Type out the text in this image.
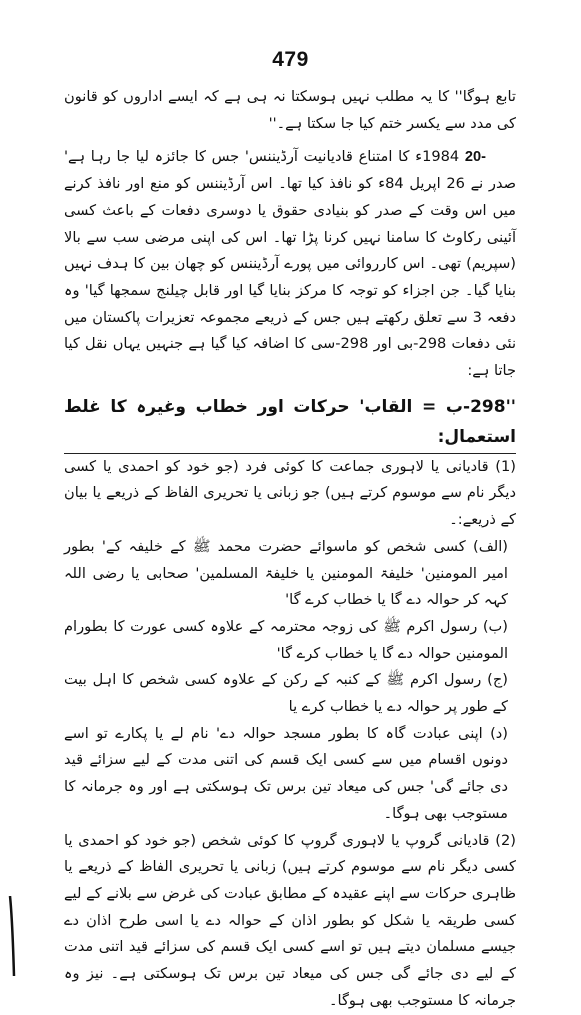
479

تابع ہوگا'' کا یہ مطلب نہیں ہوسکتا نہ ہی ہے کہ ایسے اداروں کو قانون کی مدد سے یکسر ختم کیا جا سکتا ہے۔''

-20 1984ء کا امتناع قادیانیت آرڈیننس' جس کا جائزہ لیا جا رہا ہے' صدر نے 26 اپریل 84ء کو نافذ کیا تھا۔ اس آرڈیننس کو منع اور نافذ کرنے میں اس وقت کے صدر کو بنیادی حقوق یا دوسری دفعات کے باعث کسی آئینی رکاوٹ کا سامنا نہیں کرنا پڑا تھا۔ اس کی اپنی مرضی سب سے بالا (سپریم) تھی۔ اس کارروائی میں پورے آرڈیننس کو چھان بین کا ہدف نہیں بنایا گیا۔ جن اجزاء کو توجہ کا مرکز بنایا گیا اور قابل چیلنج سمجھا گیا' وہ دفعہ 3 سے تعلق رکھتے ہیں جس کے ذریعے مجموعہ تعزیرات پاکستان میں نئی دفعات 298-بی اور 298-سی کا اضافہ کیا گیا ہے جنہیں یہاں نقل کیا جاتا ہے:

''298-ب = القاب' حرکات اور خطاب وغیرہ کا غلط استعمال:

(1) قادیانی یا لاہوری جماعت کا کوئی فرد (جو خود کو احمدی یا کسی دیگر نام سے موسوم کرتے ہیں) جو زبانی یا تحریری الفاظ کے ذریعے یا بیان کے ذریعے:۔

(الف) کسی شخص کو ماسوائے حضرت محمد ﷺ کے خلیفہ کے' بطور امیر المومنین' خلیفۃ المومنین یا خلیفۃ المسلمین' صحابی یا رضی اللہ کہہ کر حوالہ دے گا یا خطاب کرے گا'

(ب) رسول اکرم ﷺ کی زوجہ محترمہ کے علاوہ کسی عورت کا بطورام المومنین حوالہ دے گا یا خطاب کرے گا'

(ج) رسول اکرم ﷺ کے کنبہ کے رکن کے علاوہ کسی شخص کا اہل بیت کے طور پر حوالہ دے یا خطاب کرے یا

(د) اپنی عبادت گاہ کا بطور مسجد حوالہ دے' نام لے یا پکارے تو اسے دونوں اقسام میں سے کسی ایک قسم کی اتنی مدت کے لیے سزائے قید دی جائے گی' جس کی میعاد تین برس تک ہوسکتی ہے اور وہ جرمانہ کا مستوجب بھی ہوگا۔

(2) قادیانی گروپ یا لاہوری گروپ کا کوئی شخص (جو خود کو احمدی یا کسی دیگر نام سے موسوم کرتے ہیں) زبانی یا تحریری الفاظ کے ذریعے یا ظاہری حرکات سے اپنے عقیدہ کے مطابق عبادت کی غرض سے بلانے کے لیے کسی طریقہ یا شکل کو بطور اذان کے حوالہ دے یا اسی طرح اذان دے جیسے مسلمان دیتے ہیں تو اسے کسی ایک قسم کی سزائے قید اتنی مدت کے لیے دی جائے گی جس کی میعاد تین برس تک ہوسکتی ہے۔ نیز وہ جرمانہ کا مستوجب بھی ہوگا۔
